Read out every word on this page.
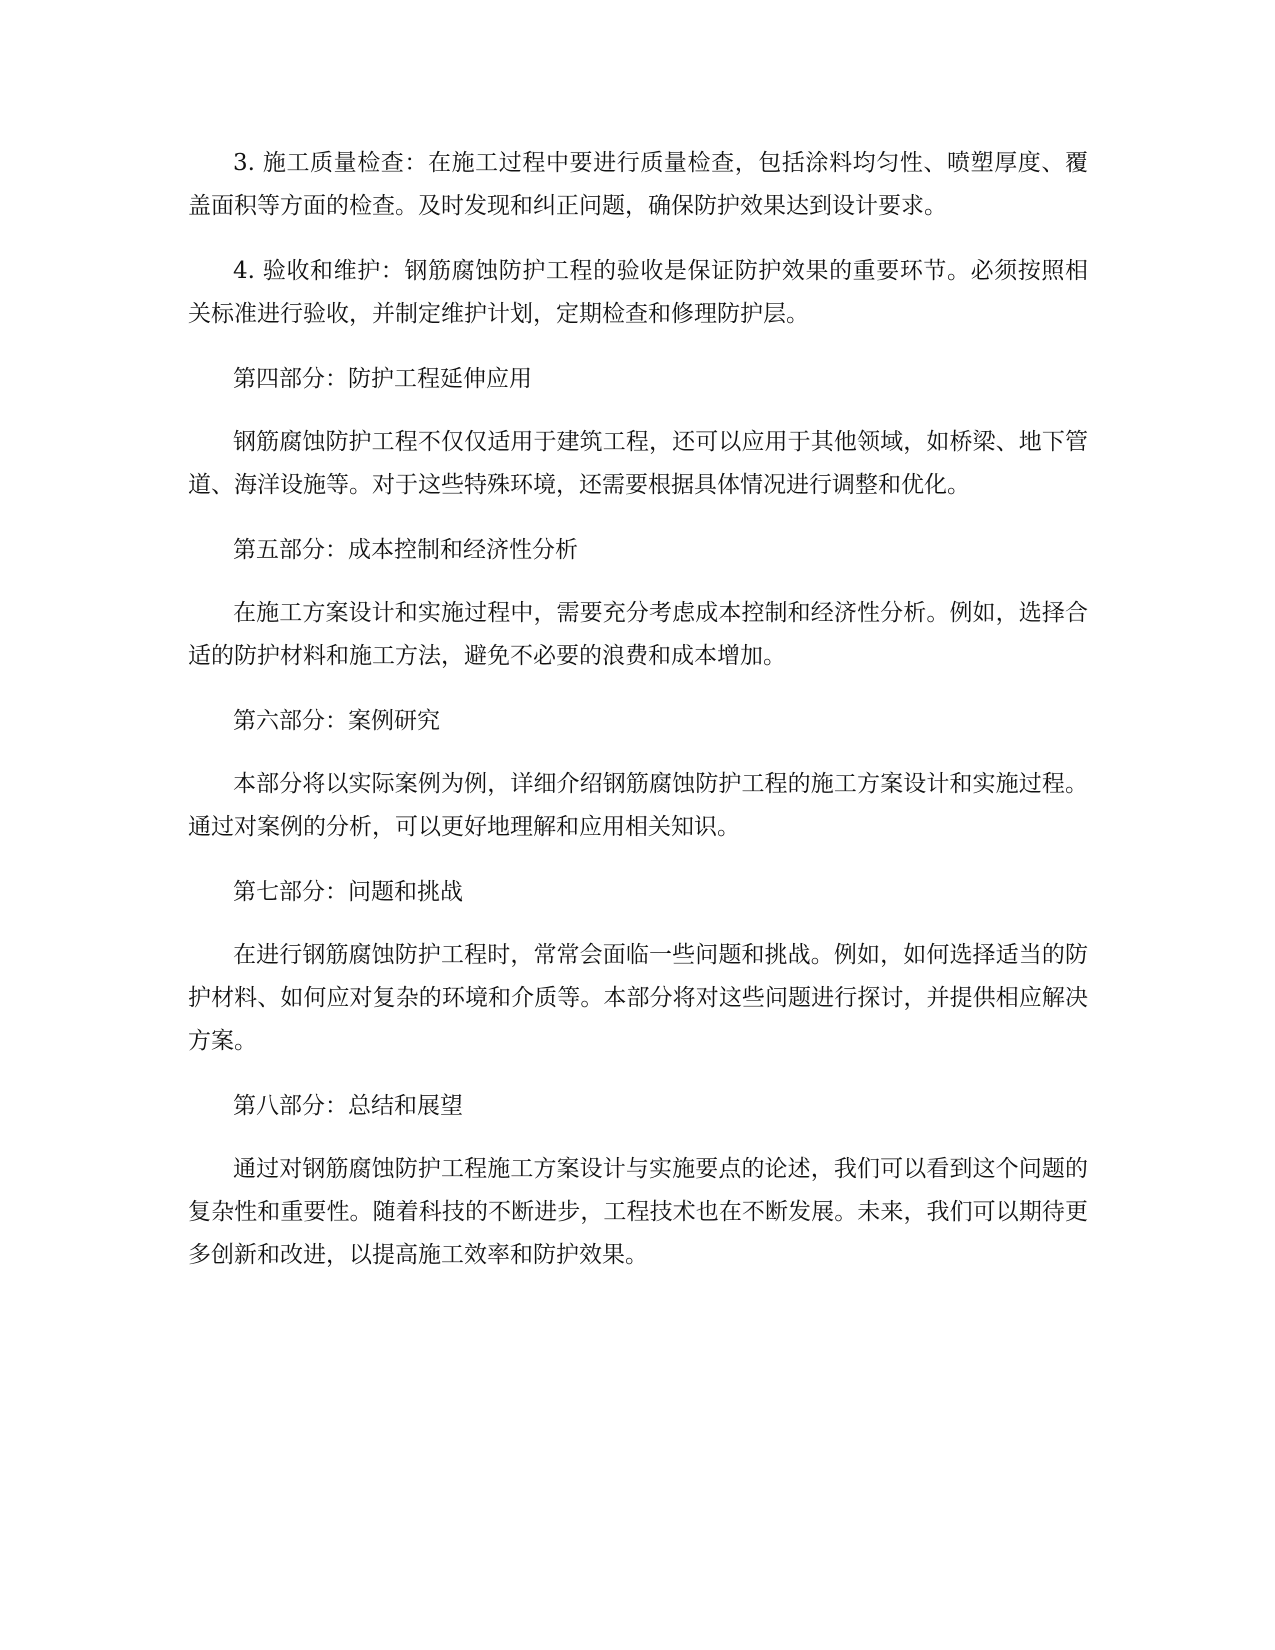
3. 施工质量检查：在施工过程中要进行质量检查，包括涂料均匀性、喷塑厚度、覆盖面积等方面的检查。及时发现和纠正问题，确保防护效果达到设计要求。

4. 验收和维护：钢筋腐蚀防护工程的验收是保证防护效果的重要环节。必须按照相关标准进行验收，并制定维护计划，定期检查和修理防护层。

第四部分：防护工程延伸应用

钢筋腐蚀防护工程不仅仅适用于建筑工程，还可以应用于其他领域，如桥梁、地下管道、海洋设施等。对于这些特殊环境，还需要根据具体情况进行调整和优化。

第五部分：成本控制和经济性分析

在施工方案设计和实施过程中，需要充分考虑成本控制和经济性分析。例如，选择合适的防护材料和施工方法，避免不必要的浪费和成本增加。

第六部分：案例研究

本部分将以实际案例为例，详细介绍钢筋腐蚀防护工程的施工方案设计和实施过程。通过对案例的分析，可以更好地理解和应用相关知识。

第七部分：问题和挑战

在进行钢筋腐蚀防护工程时，常常会面临一些问题和挑战。例如，如何选择适当的防护材料、如何应对复杂的环境和介质等。本部分将对这些问题进行探讨，并提供相应解决方案。

第八部分：总结和展望

通过对钢筋腐蚀防护工程施工方案设计与实施要点的论述，我们可以看到这个问题的复杂性和重要性。随着科技的不断进步，工程技术也在不断发展。未来，我们可以期待更多创新和改进，以提高施工效率和防护效果。
